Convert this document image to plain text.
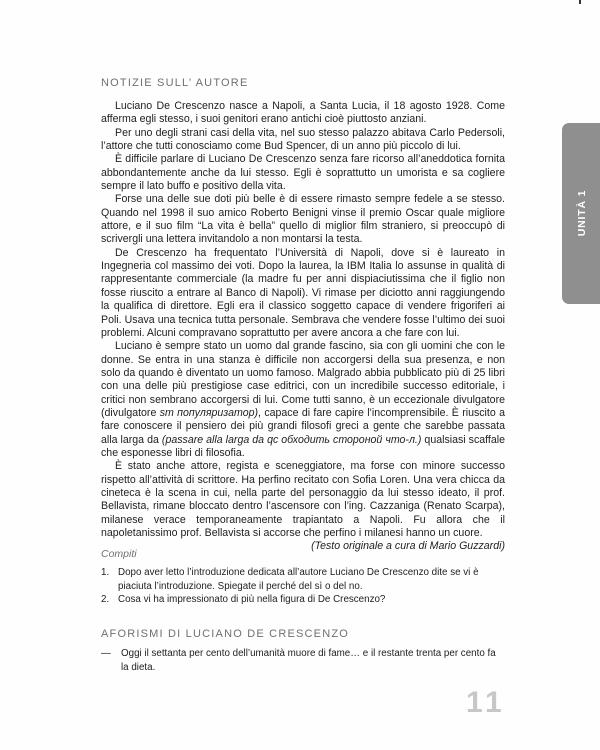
NOTIZIE SULL’ AUTORE

Luciano De Crescenzo nasce a Napoli, a Santa Lucia, il 18 agosto 1928. Come afferma egli stesso, i suoi genitori erano antichi cioè piuttosto anziani.

Per uno degli strani casi della vita, nel suo stesso palazzo abitava Carlo Pedersoli, l’attore che tutti conosciamo come Bud Spencer, di un anno più piccolo di lui.

È difficile parlare di Luciano De Crescenzo senza fare ricorso all’aneddotica fornita abbondantemente anche da lui stesso. Egli è soprattutto un umorista e sa cogliere sempre il lato buffo e positivo della vita.

Forse una delle sue doti più belle è di essere rimasto sempre fedele a se stesso. Quando nel 1998 il suo amico Roberto Benigni vinse il premio Oscar quale migliore attore, e il suo film “La vita è bella” quello di miglior film straniero, si preoccupò di scrivergli una lettera invitandolo a non montarsi la testa.

De Crescenzo ha frequentato l’Università di Napoli, dove si è laureato in Ingegneria col massimo dei voti. Dopo la laurea, la IBM Italia lo assunse in qualità di rappresentante commerciale (la madre fu per anni dispiaciutissima che il figlio non fosse riuscito a entrare al Banco di Napoli). Vi rimase per diciotto anni raggiungendo la qualifica di direttore. Egli era il classico soggetto capace di vendere frigoriferi ai Poli. Usava una tecnica tutta personale. Sembrava che vendere fosse l’ultimo dei suoi problemi. Alcuni compravano soprattutto per avere ancora a che fare con lui.

Luciano è sempre stato un uomo dal grande fascino, sia con gli uomini che con le donne. Se entra in una stanza è difficile non accorgersi della sua presenza, e non solo da quando è diventato un uomo famoso. Malgrado abbia pubblicato più di 25 libri con una delle più prestigiose case editrici, con un incredibile successo editoriale, i critici non sembrano accorgersi di lui. Come tutti sanno, è un eccezionale divulgatore (divulgatore sm популяризатор), capace di fare capire l’incomprensibile. È riuscito a fare conoscere il pensiero dei più grandi filosofi greci a gente che sarebbe passata alla larga da (passare alla larga da qc обходить стороной что-л.) qualsiasi scaffale che esponesse libri di filosofia.

È stato anche attore, regista e sceneggiatore, ma forse con minore successo rispetto all’attività di scrittore. Ha perfino recitato con Sofia Loren. Una vera chicca da cineteca è la scena in cui, nella parte del personaggio da lui stesso ideato, il prof. Bellavista, rimane bloccato dentro l’ascensore con l’ing. Cazzaniga (Renato Scarpa), milanese verace temporaneamente trapiantato a Napoli. Fu allora che il napoletanissimo prof. Bellavista si accorse che perfino i milanesi hanno un cuore.

(Testo originale a cura di Mario Guzzardi)

Compiti
1. Dopo aver letto l’introduzione dedicata all’autore Luciano De Crescenzo dite se vi è piaciuta l’introduzione. Spiegate il perché del sì o del no.
2. Cosa vi ha impressionato di più nella figura di De Crescenzo?
AFORISMI DI LUCIANO DE CRESCENZO
— Oggi il settanta per cento dell’umanità muore di fame… e il restante trenta per cento fa la dieta.
UNITÀ 1
11
